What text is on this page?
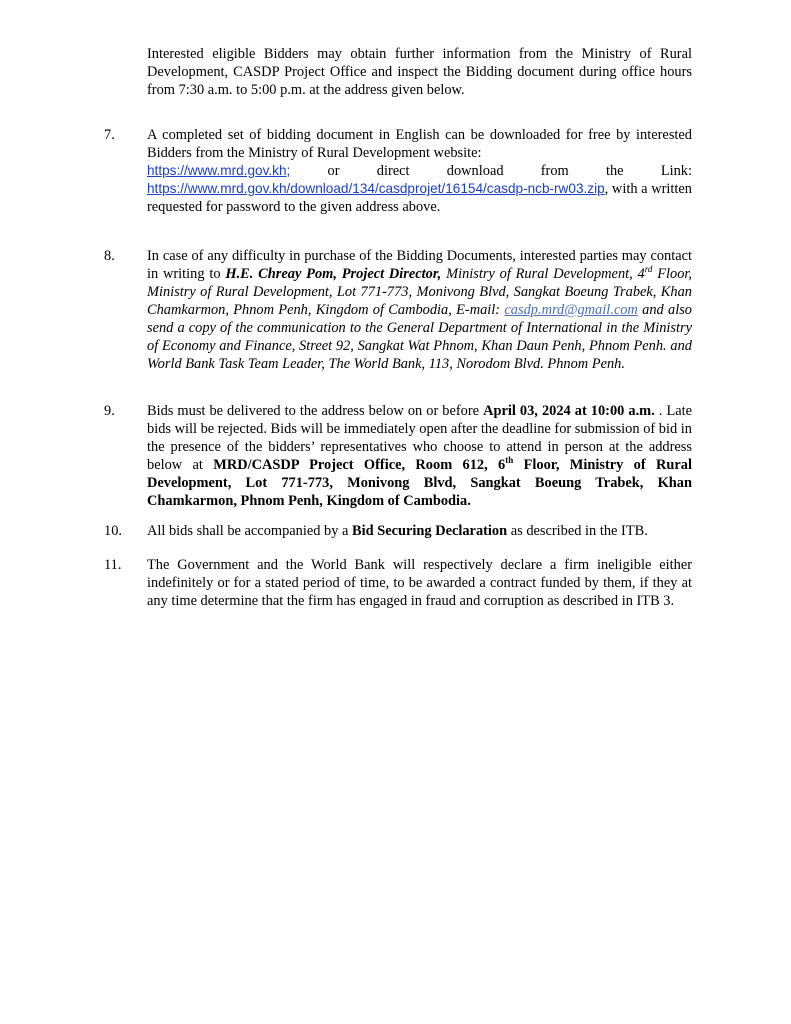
Interested eligible Bidders may obtain further information from the Ministry of Rural Development, CASDP Project Office and inspect the Bidding document during office hours from 7:30 a.m. to 5:00 p.m. at the address given below.
7. A completed set of bidding document in English can be downloaded for free by interested Bidders from the Ministry of Rural Development website:

https://www.mrd.gov.kh;	or	direct	download	from	the	Link:

https://www.mrd.gov.kh/download/134/casdprojet/16154/casdp-ncb-rw03.zip, with a written requested for password to the given address above.

8. In case of any difficulty in purchase of the Bidding Documents, interested parties may contact in writing to H.E. Chreay Pom, Project Director, Ministry of Rural Development, 4rd Floor, Ministry of Rural Development, Lot 771-773, Monivong Blvd, Sangkat Boeung Trabek, Khan Chamkarmon, Phnom Penh, Kingdom of Cambodia, E-mail: casdp.mrd@gmail.com and also send a copy of the communication to the General Department of International in the Ministry of Economy and Finance, Street 92, Sangkat Wat Phnom, Khan Daun Penh, Phnom Penh. and World Bank Task Team Leader, The World Bank, 113, Norodom Blvd. Phnom Penh.

9. Bids must be delivered to the address below on or before April 03, 2024 at 10:00 a.m. . Late bids will be rejected. Bids will be immediately open after the deadline for submission of bid in the presence of the bidders’ representatives who choose to attend in person at the address below at MRD/CASDP Project Office, Room 612, 6th Floor, Ministry of Rural Development, Lot 771-773, Monivong Blvd, Sangkat Boeung Trabek, Khan Chamkarmon, Phnom Penh, Kingdom of Cambodia.

10. All bids shall be accompanied by a Bid Securing Declaration as described in the ITB.

11. The Government and the World Bank will respectively declare a firm ineligible either indefinitely or for a stated period of time, to be awarded a contract funded by them, if they at any time determine that the firm has engaged in fraud and corruption as described in ITB 3.
